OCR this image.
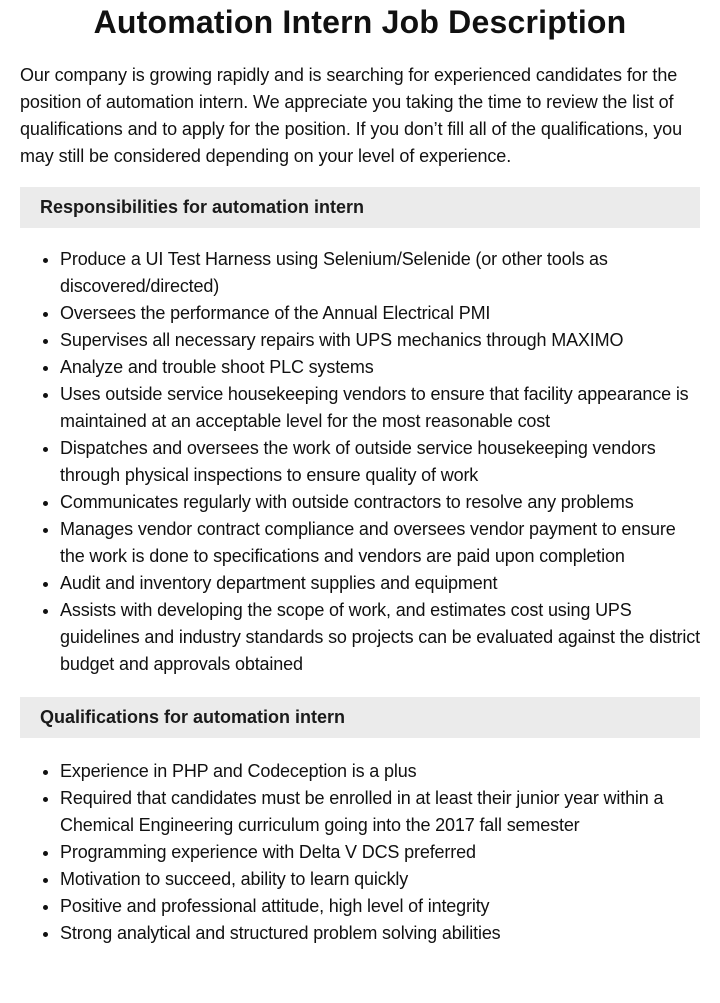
Automation Intern Job Description

Our company is growing rapidly and is searching for experienced candidates for the position of automation intern. We appreciate you taking the time to review the list of qualifications and to apply for the position. If you don’t fill all of the qualifications, you may still be considered depending on your level of experience.

Responsibilities for automation intern
• Produce a UI Test Harness using Selenium/Selenide (or other tools as discovered/directed)
• Oversees the performance of the Annual Electrical PMI
• Supervises all necessary repairs with UPS mechanics through MAXIMO
• Analyze and trouble shoot PLC systems
• Uses outside service housekeeping vendors to ensure that facility appearance is maintained at an acceptable level for the most reasonable cost
• Dispatches and oversees the work of outside service housekeeping vendors through physical inspections to ensure quality of work
• Communicates regularly with outside contractors to resolve any problems
• Manages vendor contract compliance and oversees vendor payment to ensure the work is done to specifications and vendors are paid upon completion
• Audit and inventory department supplies and equipment
• Assists with developing the scope of work, and estimates cost using UPS guidelines and industry standards so projects can be evaluated against the district budget and approvals obtained
Qualifications for automation intern
• Experience in PHP and Codeception is a plus
• Required that candidates must be enrolled in at least their junior year within a Chemical Engineering curriculum going into the 2017 fall semester
• Programming experience with Delta V DCS preferred
• Motivation to succeed, ability to learn quickly
• Positive and professional attitude, high level of integrity
• Strong analytical and structured problem solving abilities
